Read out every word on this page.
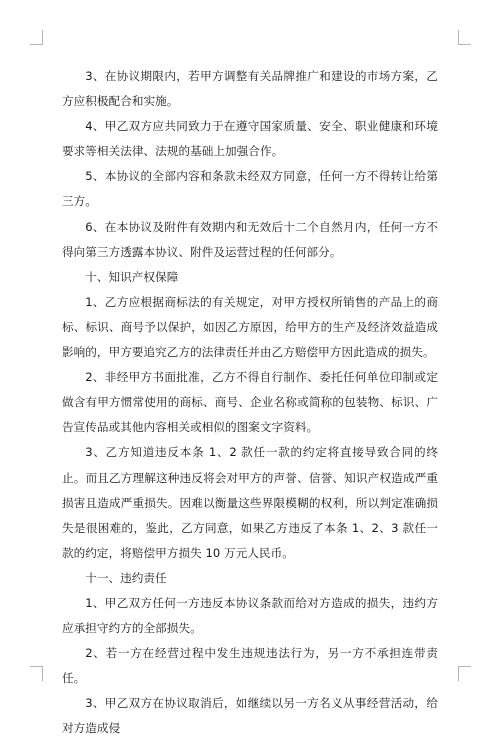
3、在协议期限内，若甲方调整有关品牌推广和建设的市场方案，乙方应积极配合和实施。

4、甲乙双方应共同致力于在遵守国家质量、安全、职业健康和环境要求等相关法律、法规的基础上加强合作。

5、本协议的全部内容和条款未经双方同意，任何一方不得转让给第三方。

6、在本协议及附件有效期内和无效后十二个自然月内，任何一方不得向第三方透露本协议、附件及运营过程的任何部分。

十、知识产权保障

1、乙方应根据商标法的有关规定，对甲方授权所销售的产品上的商标、标识、商号予以保护，如因乙方原因，给甲方的生产及经济效益造成影响的，甲方要追究乙方的法律责任并由乙方赔偿甲方因此造成的损失。

2、非经甲方书面批准，乙方不得自行制作、委托任何单位印制或定做含有甲方惯常使用的商标、商号、企业名称或简称的包装物、标识、广告宣传品或其他内容相关或相似的图案文字资料。

3、乙方知道违反本条 1、2 款任一款的约定将直接导致合同的终止。而且乙方理解这种违反将会对甲方的声誉、信誉、知识产权造成严重损害且造成严重损失。因难以衡量这些界限模糊的权利，所以判定准确损失是很困难的，鉴此，乙方同意，如果乙方违反了本条 1、2、3 款任一款的约定，将赔偿甲方损失 10 万元人民币。

十一、违约责任

1、甲乙双方任何一方违反本协议条款而给对方造成的损失，违约方应承担守约方的全部损失。

2、若一方在经营过程中发生违规违法行为，另一方不承担连带责任。

3、甲乙双方在协议取消后，如继续以另一方名义从事经营活动，给对方造成侵
